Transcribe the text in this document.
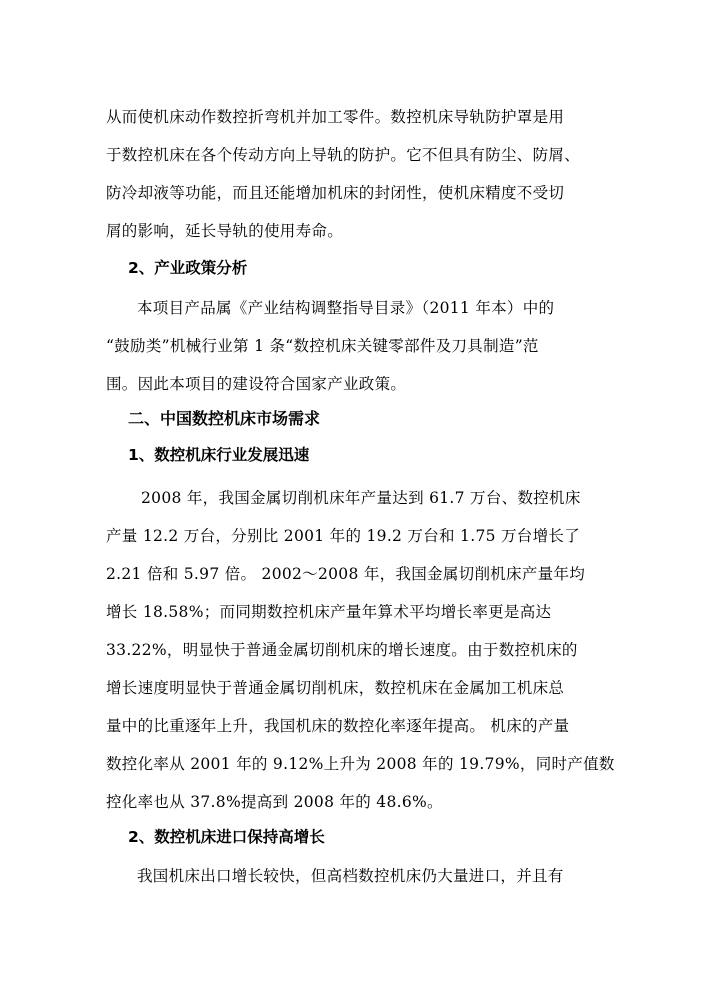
从而使机床动作数控折弯机并加工零件。数控机床导轨防护罩是用
于数控机床在各个传动方向上导轨的防护。它不但具有防尘、防屑、
防冷却液等功能，而且还能增加机床的封闭性，使机床精度不受切
屑的影响，延长导轨的使用寿命。
2、产业政策分析
本项目产品属《产业结构调整指导目录》（2011 年本）中的
“鼓励类”机械行业第 1 条“数控机床关键零部件及刀具制造”范
围。因此本项目的建设符合国家产业政策。
二、中国数控机床市场需求
1、数控机床行业发展迅速
2008 年，我国金属切削机床年产量达到 61.7 万台、数控机床
产量 12.2 万台，分别比 2001 年的 19.2 万台和 1.75 万台增长了
2.21 倍和 5.97 倍。 2002～2008 年，我国金属切削机床产量年均
增长 18.58%；而同期数控机床产量年算术平均增长率更是高达
33.22%，明显快于普通金属切削机床的增长速度。由于数控机床的
增长速度明显快于普通金属切削机床，数控机床在金属加工机床总
量中的比重逐年上升，我国机床的数控化率逐年提高。 机床的产量
数控化率从 2001 年的 9.12%上升为 2008 年的 19.79%，同时产值数
控化率也从 37.8%提高到 2008 年的 48.6%。
2、数控机床进口保持高增长
我国机床出口增长较快，但高档数控机床仍大量进口，并且有
